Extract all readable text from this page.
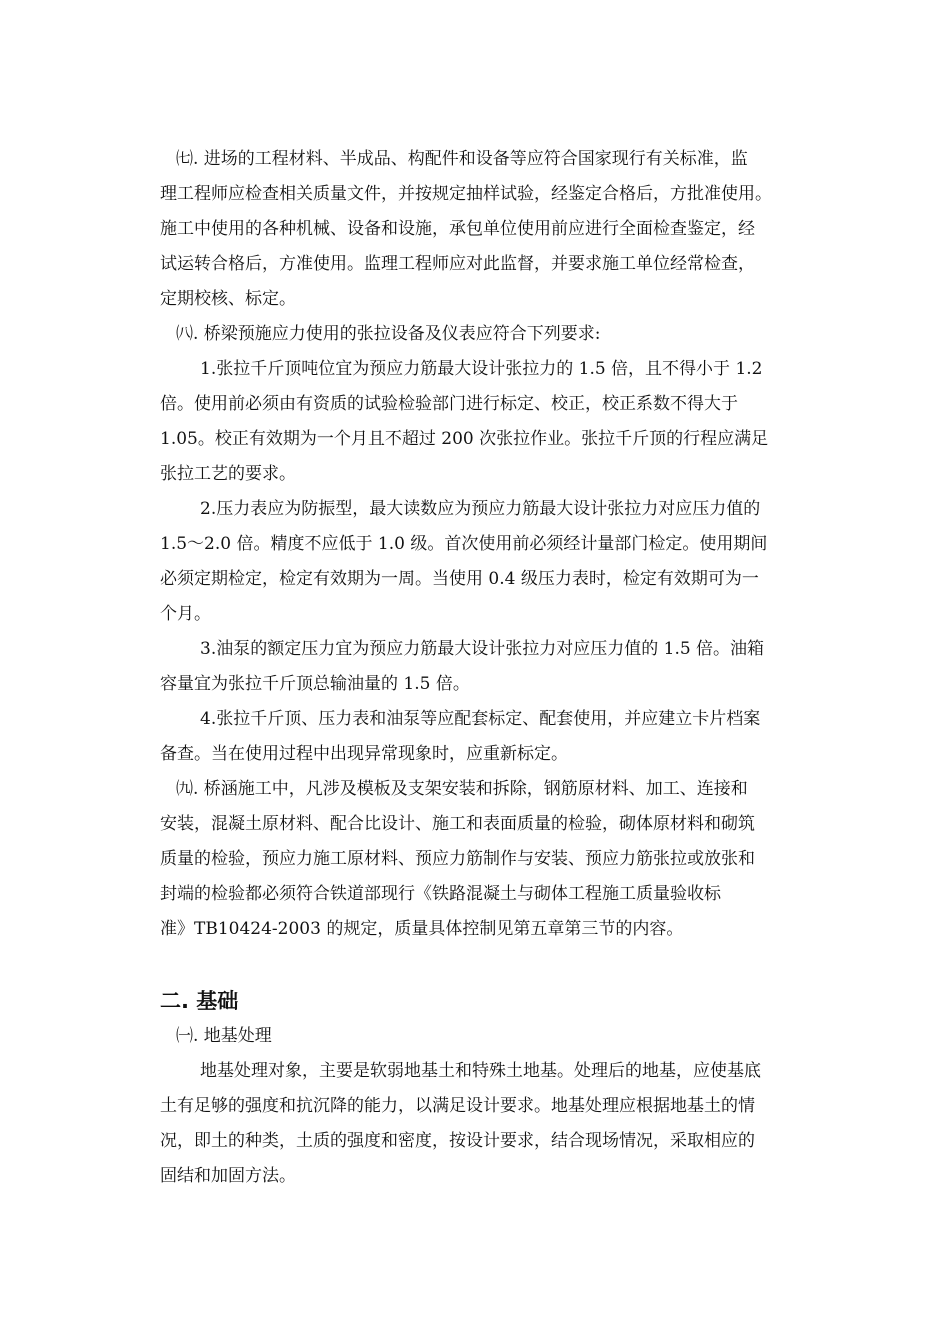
㈦. 进场的工程材料、半成品、构配件和设备等应符合国家现行有关标准，监
理工程师应检查相关质量文件，并按规定抽样试验，经鉴定合格后，方批准使用。
施工中使用的各种机械、设备和设施，承包单位使用前应进行全面检查鉴定，经
试运转合格后，方准使用。监理工程师应对此监督，并要求施工单位经常检查，
定期校核、标定。
㈧. 桥梁预施应力使用的张拉设备及仪表应符合下列要求:
1.张拉千斤顶吨位宜为预应力筋最大设计张拉力的 1.5 倍，且不得小于 1.2
倍。使用前必须由有资质的试验检验部门进行标定、校正，校正系数不得大于
1.05。校正有效期为一个月且不超过 200 次张拉作业。张拉千斤顶的行程应满足
张拉工艺的要求。
2.压力表应为防振型，最大读数应为预应力筋最大设计张拉力对应压力值的
1.5～2.0 倍。精度不应低于 1.0 级。首次使用前必须经计量部门检定。使用期间
必须定期检定，检定有效期为一周。当使用 0.4 级压力表时，检定有效期可为一
个月。
3.油泵的额定压力宜为预应力筋最大设计张拉力对应压力值的 1.5 倍。油箱
容量宜为张拉千斤顶总输油量的 1.5 倍。
4.张拉千斤顶、压力表和油泵等应配套标定、配套使用，并应建立卡片档案
备查。当在使用过程中出现异常现象时，应重新标定。
㈨. 桥涵施工中，凡涉及模板及支架安装和拆除，钢筋原材料、加工、连接和
安装，混凝土原材料、配合比设计、施工和表面质量的检验，砌体原材料和砌筑
质量的检验，预应力施工原材料、预应力筋制作与安装、预应力筋张拉或放张和
封端的检验都必须符合铁道部现行《铁路混凝土与砌体工程施工质量验收标
准》TB10424-2003 的规定，质量具体控制见第五章第三节的内容。
二. 基础
㈠. 地基处理
地基处理对象，主要是软弱地基土和特殊土地基。处理后的地基，应使基底
土有足够的强度和抗沉降的能力，以满足设计要求。地基处理应根据地基土的情
况，即土的种类，土质的强度和密度，按设计要求，结合现场情况，采取相应的
固结和加固方法。
